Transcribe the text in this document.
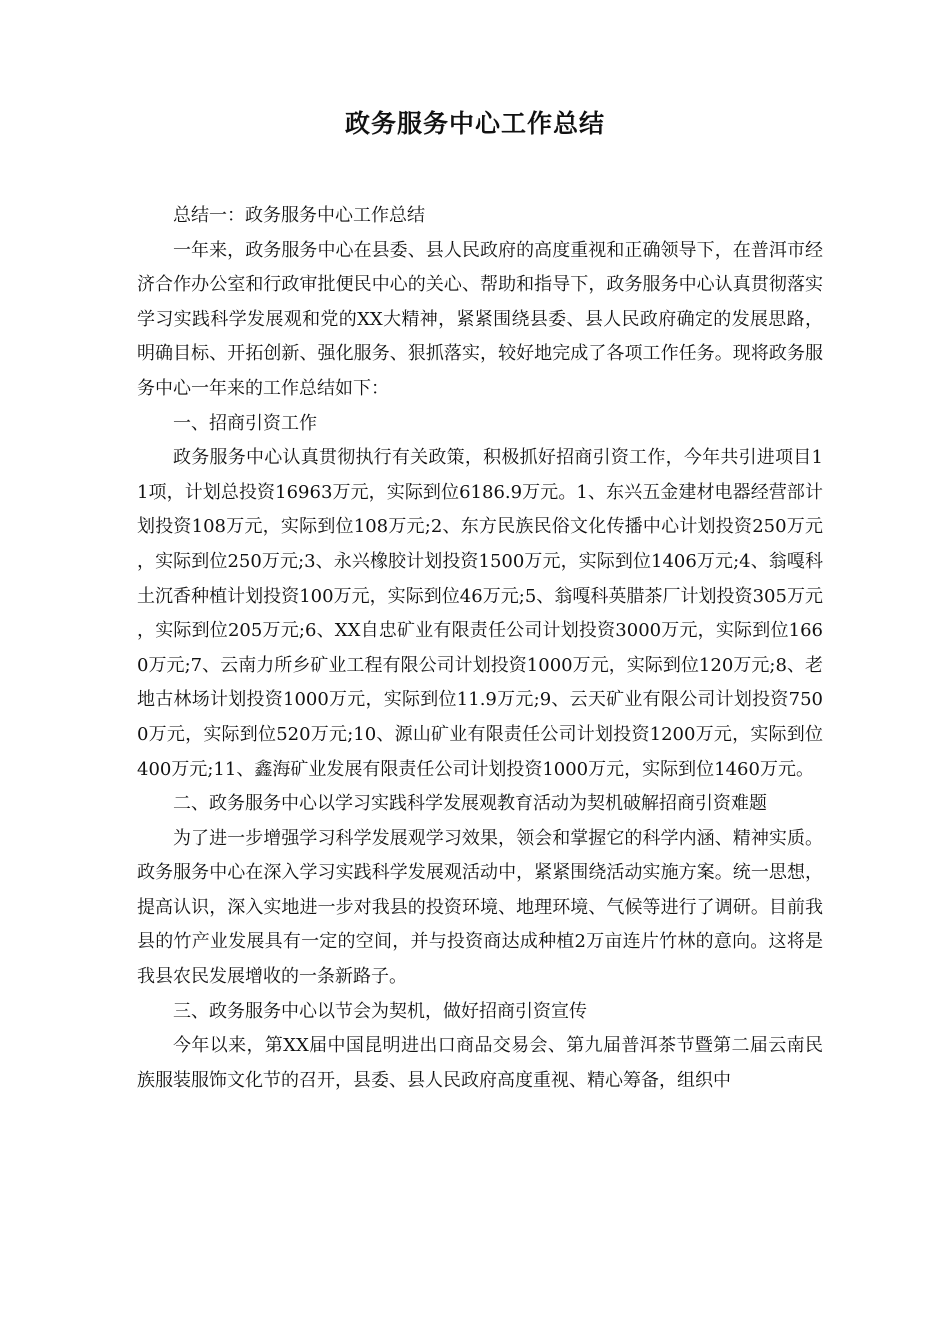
政务服务中心工作总结

总结一：政务服务中心工作总结

一年来，政务服务中心在县委、县人民政府的高度重视和正确领导下，在普洱市经济合作办公室和行政审批便民中心的关心、帮助和指导下，政务服务中心认真贯彻落实学习实践科学发展观和党的XX大精神，紧紧围绕县委、县人民政府确定的发展思路，明确目标、开拓创新、强化服务、狠抓落实，较好地完成了各项工作任务。现将政务服务中心一年来的工作总结如下：

一、招商引资工作

政务服务中心认真贯彻执行有关政策，积极抓好招商引资工作，今年共引进项目11项，计划总投资16963万元，实际到位6186.9万元。1、东兴五金建材电器经营部计划投资108万元，实际到位108万元;2、东方民族民俗文化传播中心计划投资250万元，实际到位250万元;3、永兴橡胶计划投资1500万元，实际到位1406万元;4、翁嘎科土沉香种植计划投资100万元，实际到位46万元;5、翁嘎科英腊茶厂计划投资305万元，实际到位205万元;6、XX自忠矿业有限责任公司计划投资3000万元，实际到位1660万元;7、云南力所乡矿业工程有限公司计划投资1000万元，实际到位120万元;8、老地古林场计划投资1000万元，实际到位11.9万元;9、云天矿业有限公司计划投资7500万元，实际到位520万元;10、源山矿业有限责任公司计划投资1200万元，实际到位400万元;11、鑫海矿业发展有限责任公司计划投资1000万元，实际到位1460万元。

二、政务服务中心以学习实践科学发展观教育活动为契机破解招商引资难题

为了进一步增强学习科学发展观学习效果，领会和掌握它的科学内涵、精神实质。政务服务中心在深入学习实践科学发展观活动中，紧紧围绕活动实施方案。统一思想，提高认识，深入实地进一步对我县的投资环境、地理环境、气候等进行了调研。目前我县的竹产业发展具有一定的空间，并与投资商达成种植2万亩连片竹林的意向。这将是我县农民发展增收的一条新路子。

三、政务服务中心以节会为契机，做好招商引资宣传

今年以来，第XX届中国昆明进出口商品交易会、第九届普洱茶节暨第二届云南民族服装服饰文化节的召开，县委、县人民政府高度重视、精心筹备，组织中
